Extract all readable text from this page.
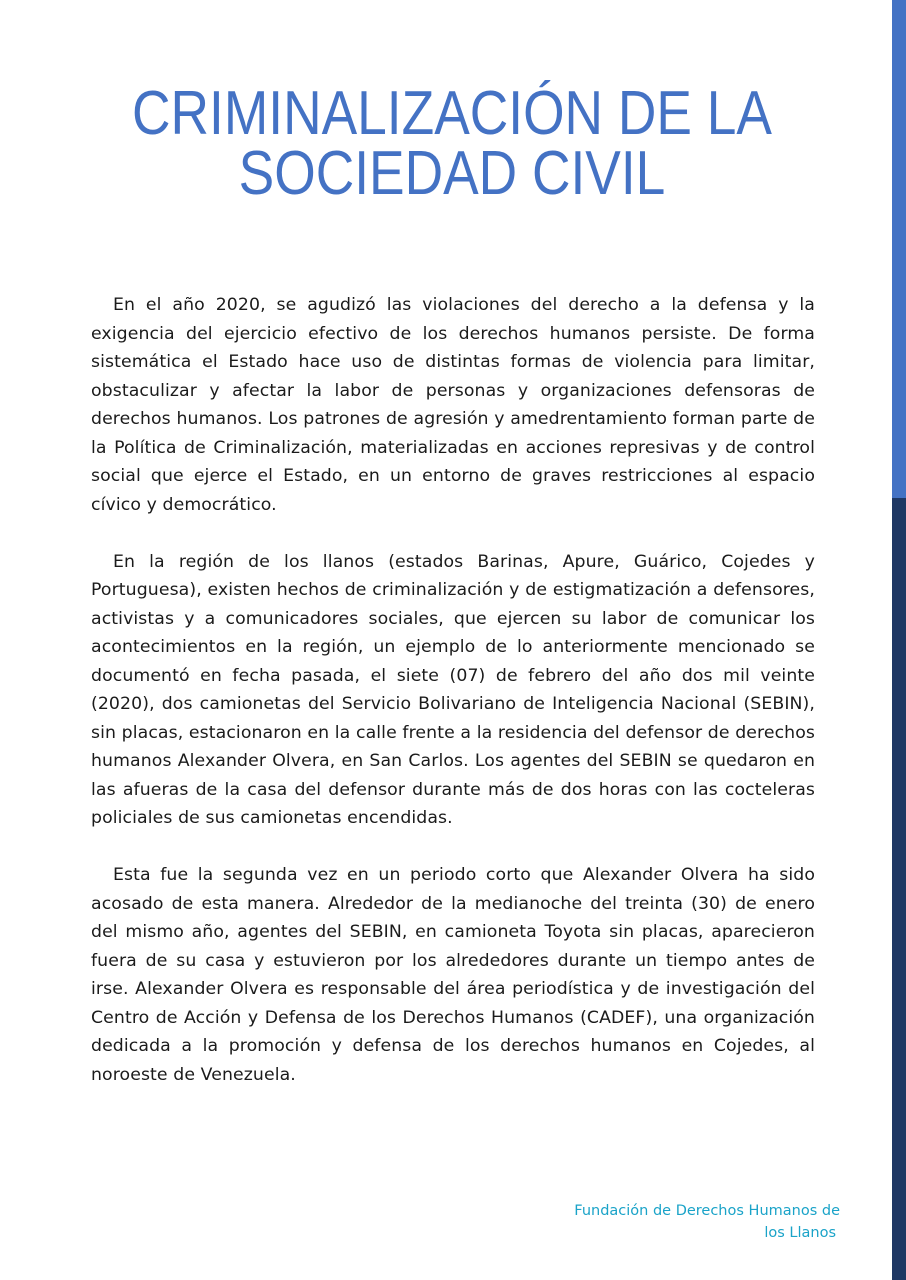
CRIMINALIZACIÓN DE LA
SOCIEDAD CIVIL

En el año 2020, se agudizó las violaciones del derecho a la defensa y la exigencia del ejercicio efectivo de los derechos humanos persiste. De forma sistemática el Estado hace uso de distintas formas de violencia para limitar, obstaculizar y afectar la labor de personas y organizaciones defensoras de derechos humanos. Los patrones de agresión y amedrentamiento forman parte de la Política de Criminalización, materializadas en acciones represivas y de control social que ejerce el Estado, en un entorno de graves restricciones al espacio cívico y democrático.

En la región de los llanos (estados Barinas, Apure, Guárico, Cojedes y Portuguesa), existen hechos de criminalización y de estigmatización a defensores, activistas y a comunicadores sociales, que ejercen su labor de comunicar los acontecimientos en la región, un ejemplo de lo anteriormente mencionado se documentó en fecha pasada, el siete (07) de febrero del año dos mil veinte (2020), dos camionetas del Servicio Bolivariano de Inteligencia Nacional (SEBIN), sin placas, estacionaron en la calle frente a la residencia del defensor de derechos humanos Alexander Olvera, en San Carlos. Los agentes del SEBIN se quedaron en las afueras de la casa del defensor durante más de dos horas con las cocteleras policiales de sus camionetas encendidas.

Esta fue la segunda vez en un periodo corto que Alexander Olvera ha sido acosado de esta manera. Alrededor de la medianoche del treinta (30) de enero del mismo año, agentes del SEBIN, en camioneta Toyota sin placas, aparecieron fuera de su casa y estuvieron por los alrededores durante un tiempo antes de irse. Alexander Olvera es responsable del área periodística y de investigación del Centro de Acción y Defensa de los Derechos Humanos (CADEF), una organización dedicada a la promoción y defensa de los derechos humanos en Cojedes, al noroeste de Venezuela.

Fundación de Derechos Humanos de
los Llanos
